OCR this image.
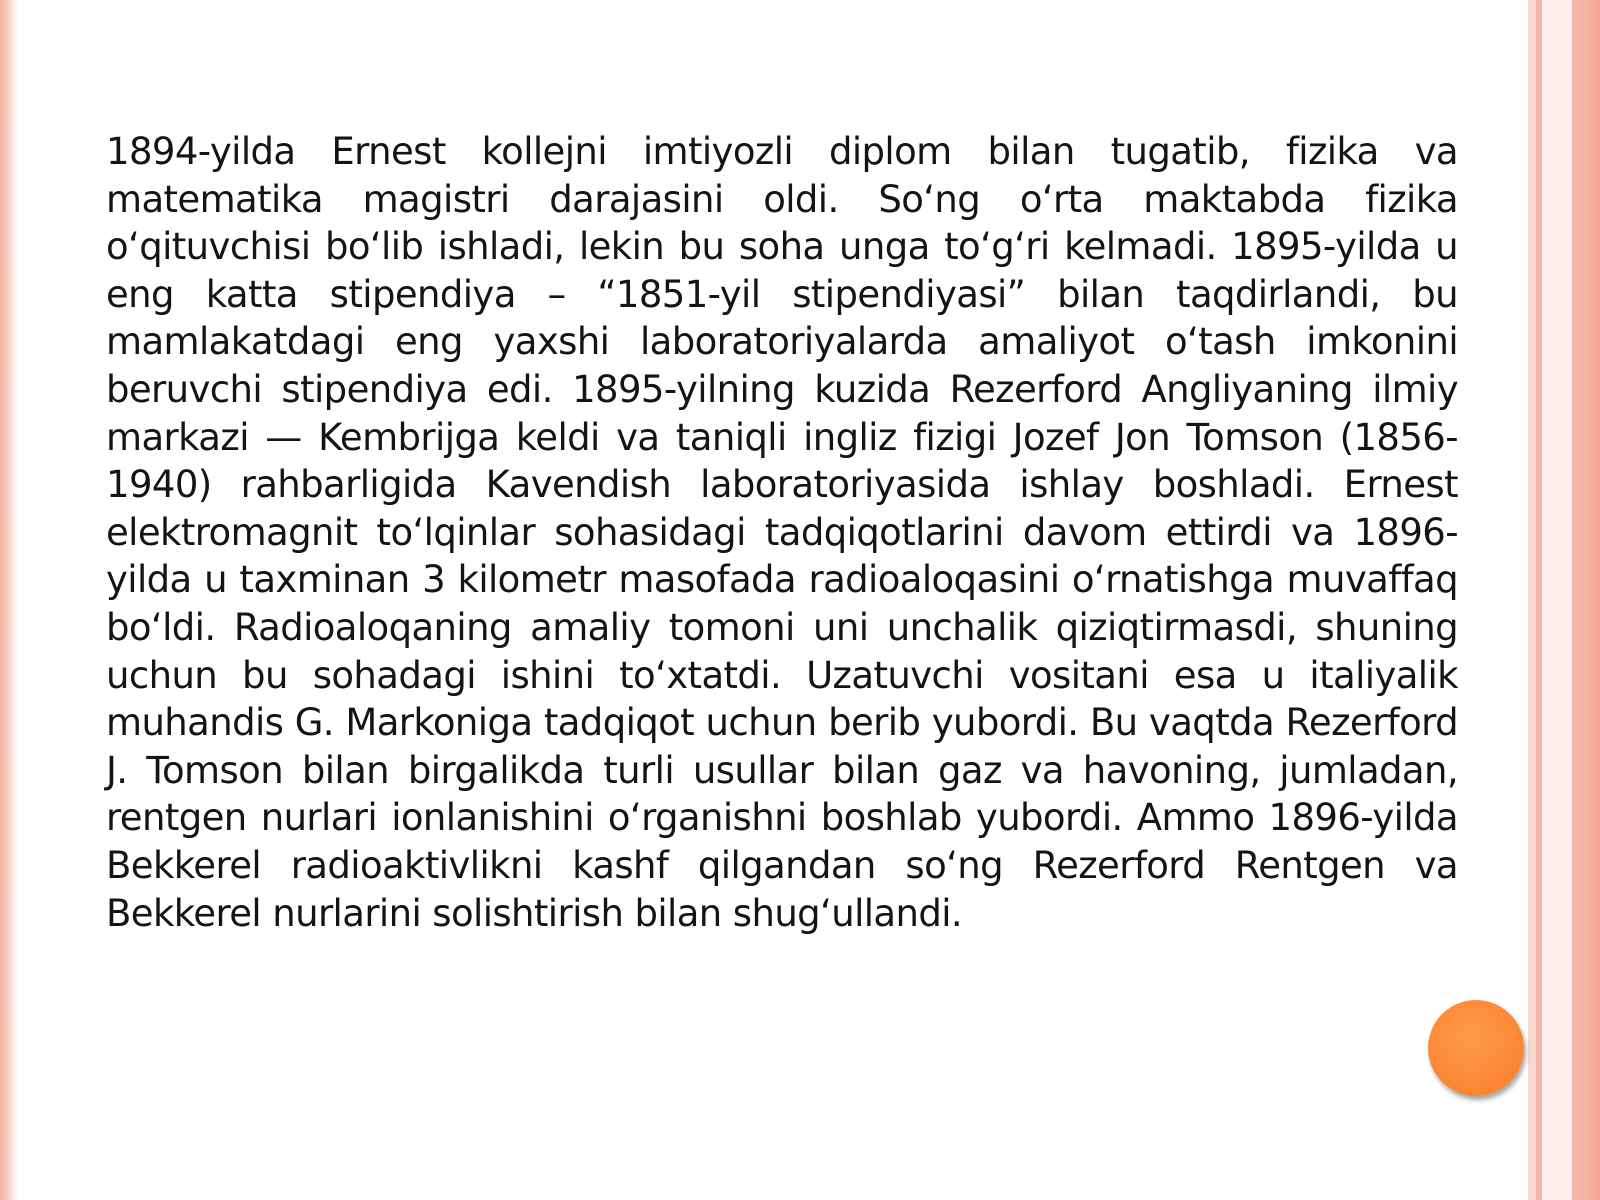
1894-yilda Ernest kollejni imtiyozli diplom bilan tugatib, fizika va matematika magistri darajasini oldi. So‘ng o‘rta maktabda fizika o‘qituvchisi bo‘lib ishladi, lekin bu soha unga to‘g‘ri kelmadi. 1895-yilda u eng katta stipendiya – “1851-yil stipendiyasi” bilan taqdirlandi, bu mamlakatdagi eng yaxshi laboratoriyalarda amaliyot o‘tash imkonini beruvchi stipendiya edi. 1895-yilning kuzida Rezerford Angliyaning ilmiy markazi — Kembrijga keldi va taniqli ingliz fizigi Jozef Jon Tomson (1856-1940) rahbarligida Kavendish laboratoriyasida ishlay boshladi. Ernest elektromagnit to‘lqinlar sohasidagi tadqiqotlarini davom ettirdi va 1896-yilda u taxminan 3 kilometr masofada radioaloqasini o‘rnatishga muvaffaq bo‘ldi. Radioaloqaning amaliy tomoni uni unchalik qiziqtirmasdi, shuning uchun bu sohadagi ishini to‘xtatdi. Uzatuvchi vositani esa u italiyalik muhandis G. Markoniga tadqiqot uchun berib yubordi. Bu vaqtda Rezerford J. Tomson bilan birgalikda turli usullar bilan gaz va havoning, jumladan, rentgen nurlari ionlanishini o‘rganishni boshlab yubordi. Ammo 1896-yilda Bekkerel radioaktivlikni kashf qilgandan so‘ng Rezerford Rentgen va Bekkerel nurlarini solishtirish bilan shug‘ullandi.
